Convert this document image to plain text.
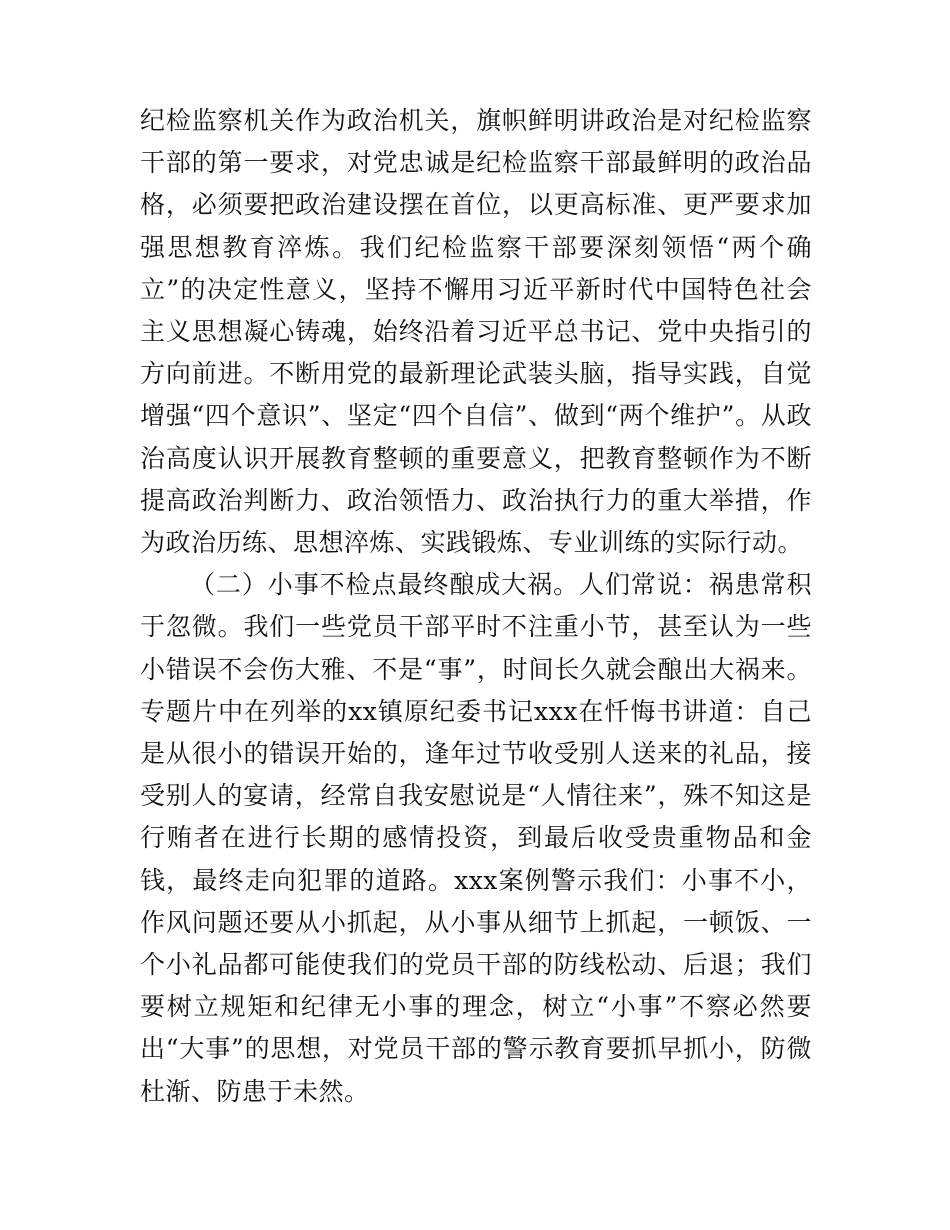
纪检监察机关作为政治机关，旗帜鲜明讲政治是对纪检监察干部的第一要求，对党忠诚是纪检监察干部最鲜明的政治品格，必须要把政治建设摆在首位，以更高标准、更严要求加强思想教育淬炼。我们纪检监察干部要深刻领悟“两个确立”的决定性意义，坚持不懈用习近平新时代中国特色社会主义思想凝心铸魂，始终沿着习近平总书记、党中央指引的方向前进。不断用党的最新理论武装头脑，指导实践，自觉增强“四个意识”、坚定“四个自信”、做到“两个维护”。从政治高度认识开展教育整顿的重要意义，把教育整顿作为不断提高政治判断力、政治领悟力、政治执行力的重大举措，作为政治历练、思想淬炼、实践锻炼、专业训练的实际行动。

（二）小事不检点最终酿成大祸。人们常说：祸患常积于忽微。我们一些党员干部平时不注重小节，甚至认为一些小错误不会伤大雅、不是“事”，时间长久就会酿出大祸来。专题片中在列举的xx镇原纪委书记xxx在忏悔书讲道：自己是从很小的错误开始的，逢年过节收受别人送来的礼品，接受别人的宴请，经常自我安慰说是“人情往来”，殊不知这是行贿者在进行长期的感情投资，到最后收受贵重物品和金钱，最终走向犯罪的道路。xxx案例警示我们：小事不小，作风问题还要从小抓起，从小事从细节上抓起，一顿饭、一个小礼品都可能使我们的党员干部的防线松动、后退；我们要树立规矩和纪律无小事的理念，树立“小事”不察必然要出“大事”的思想，对党员干部的警示教育要抓早抓小，防微杜渐、防患于未然。
